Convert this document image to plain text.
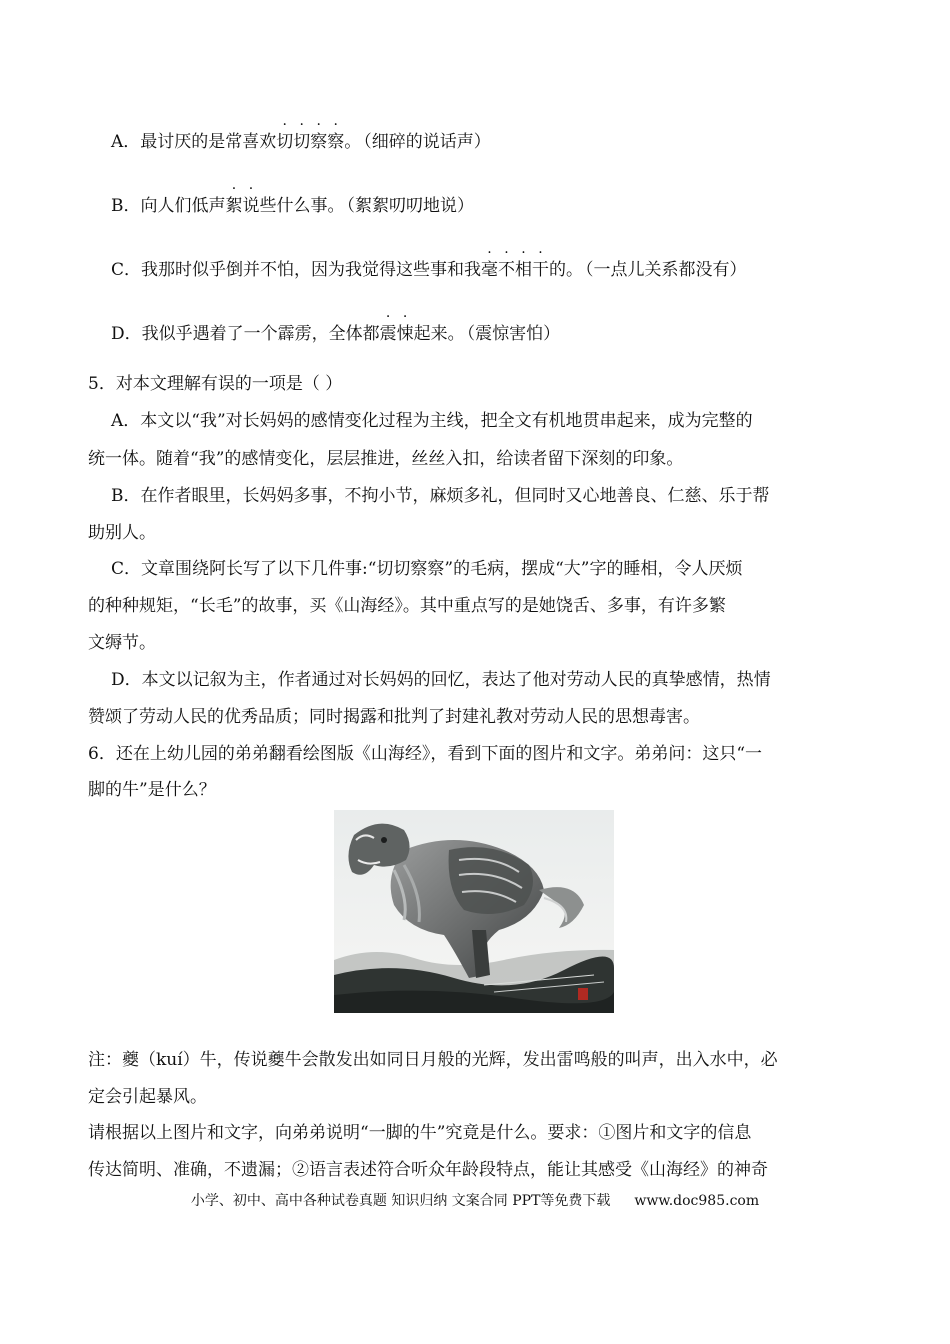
A．最讨厌的是常喜欢切切察察。 （细碎的说话声）
B．向人们低声絮说些什么事。 （絮絮叨叨地说）
C．我那时似乎倒并不怕，因为我觉得这些事和我毫不相干的。 （一点儿关系都没有）
D．我似乎遇着了一个霹雳，全体都震悚起来。 （震惊害怕）
5．对本文理解有误的一项是（ ）
A．本文以“我”对长妈妈的感情变化过程为主线，把全文有机地贯串起来，成为完整的
统一体。随着“我”的感情变化，层层推进，丝丝入扣，给读者留下深刻的印象。
B．在作者眼里，长妈妈多事，不拘小节，麻烦多礼，但同时又心地善良、仁慈、乐于帮
助别人。
C．文章围绕阿长写了以下几件事:“切切察察”的毛病，摆成“大”字的睡相，令人厌烦
的种种规矩，“长毛”的故事，买《山海经》。其中重点写的是她饶舌、多事，有许多繁
文缛节。
D．本文以记叙为主，作者通过对长妈妈的回忆，表达了他对劳动人民的真挚感情，热情
赞颂了劳动人民的优秀品质；同时揭露和批判了封建礼教对劳动人民的思想毒害。
6．还在上幼儿园的弟弟翻看绘图版《山海经》，看到下面的图片和文字。弟弟问：这只“一
脚的牛”是什么？
注：夔（kuí）牛，传说夔牛会散发出如同日月般的光辉，发出雷鸣般的叫声，出入水中，必
定会引起暴风。
请根据以上图片和文字，向弟弟说明“一脚的牛”究竟是什么。要求：①图片和文字的信息
传达简明、准确，不遗漏；②语言表述符合听众年龄段特点，能让其感受《山海经》的神奇
小学、初中、高中各种试卷真题 知识归纳 文案合同 PPT等免费下载 www.doc985.com
